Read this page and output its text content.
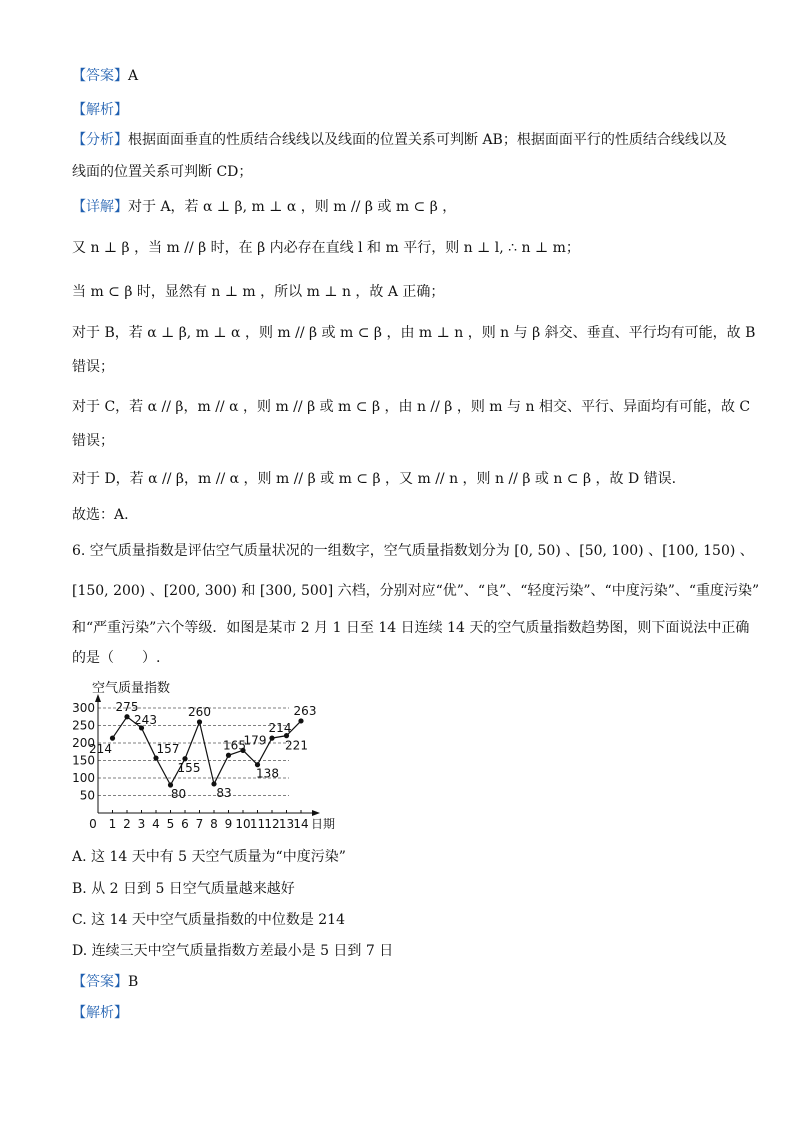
【答案】A
【解析】
【分析】根据面面垂直的性质结合线线以及线面的位置关系可判断 AB；根据面面平行的性质结合线线以及
线面的位置关系可判断 CD；
【详解】对于 A，若 α ⊥ β, m ⊥ α ，则 m // β 或 m ⊂ β ，
又 n ⊥ β ，当 m // β 时，在 β 内必存在直线 l 和 m 平行，则 n ⊥ l, ∴ n ⊥ m；
当 m ⊂ β 时，显然有 n ⊥ m ，所以 m ⊥ n ，故 A 正确；
对于 B，若 α ⊥ β, m ⊥ α ，则 m // β 或 m ⊂ β ，由 m ⊥ n ，则 n 与 β 斜交、垂直、平行均有可能，故 B
错误；
对于 C，若 α // β，m // α ，则 m // β 或 m ⊂ β ，由 n // β ，则 m 与 n 相交、平行、异面均有可能，故 C
错误；
对于 D，若 α // β，m // α ，则 m // β 或 m ⊂ β ，又 m // n ，则 n // β 或 n ⊂ β ，故 D 错误.
故选：A.
6. 空气质量指数是评估空气质量状况的一组数字，空气质量指数划分为 [0, 50) 、[50, 100) 、[100, 150) 、
[150, 200) 、[200, 300) 和 [300, 500] 六档，分别对应“优”、“良”、“轻度污染”、“中度污染”、“重度污染”
和“严重污染”六个等级．如图是某市 2 月 1 日至 14 日连续 14 天的空气质量指数趋势图，则下面说法中正确
的是（　　）.
空气质量指数
50
100
150
200
250
300
0 1 2 3 4 5 6 7 8 9 10 11 12 13 14 日期
214
275
243
157
80
155
260
83
165
179
138
214
221
263
A. 这 14 天中有 5 天空气质量为“中度污染”
B. 从 2 日到 5 日空气质量越来越好
C. 这 14 天中空气质量指数的中位数是 214
D. 连续三天中空气质量指数方差最小是 5 日到 7 日
【答案】B
【解析】
